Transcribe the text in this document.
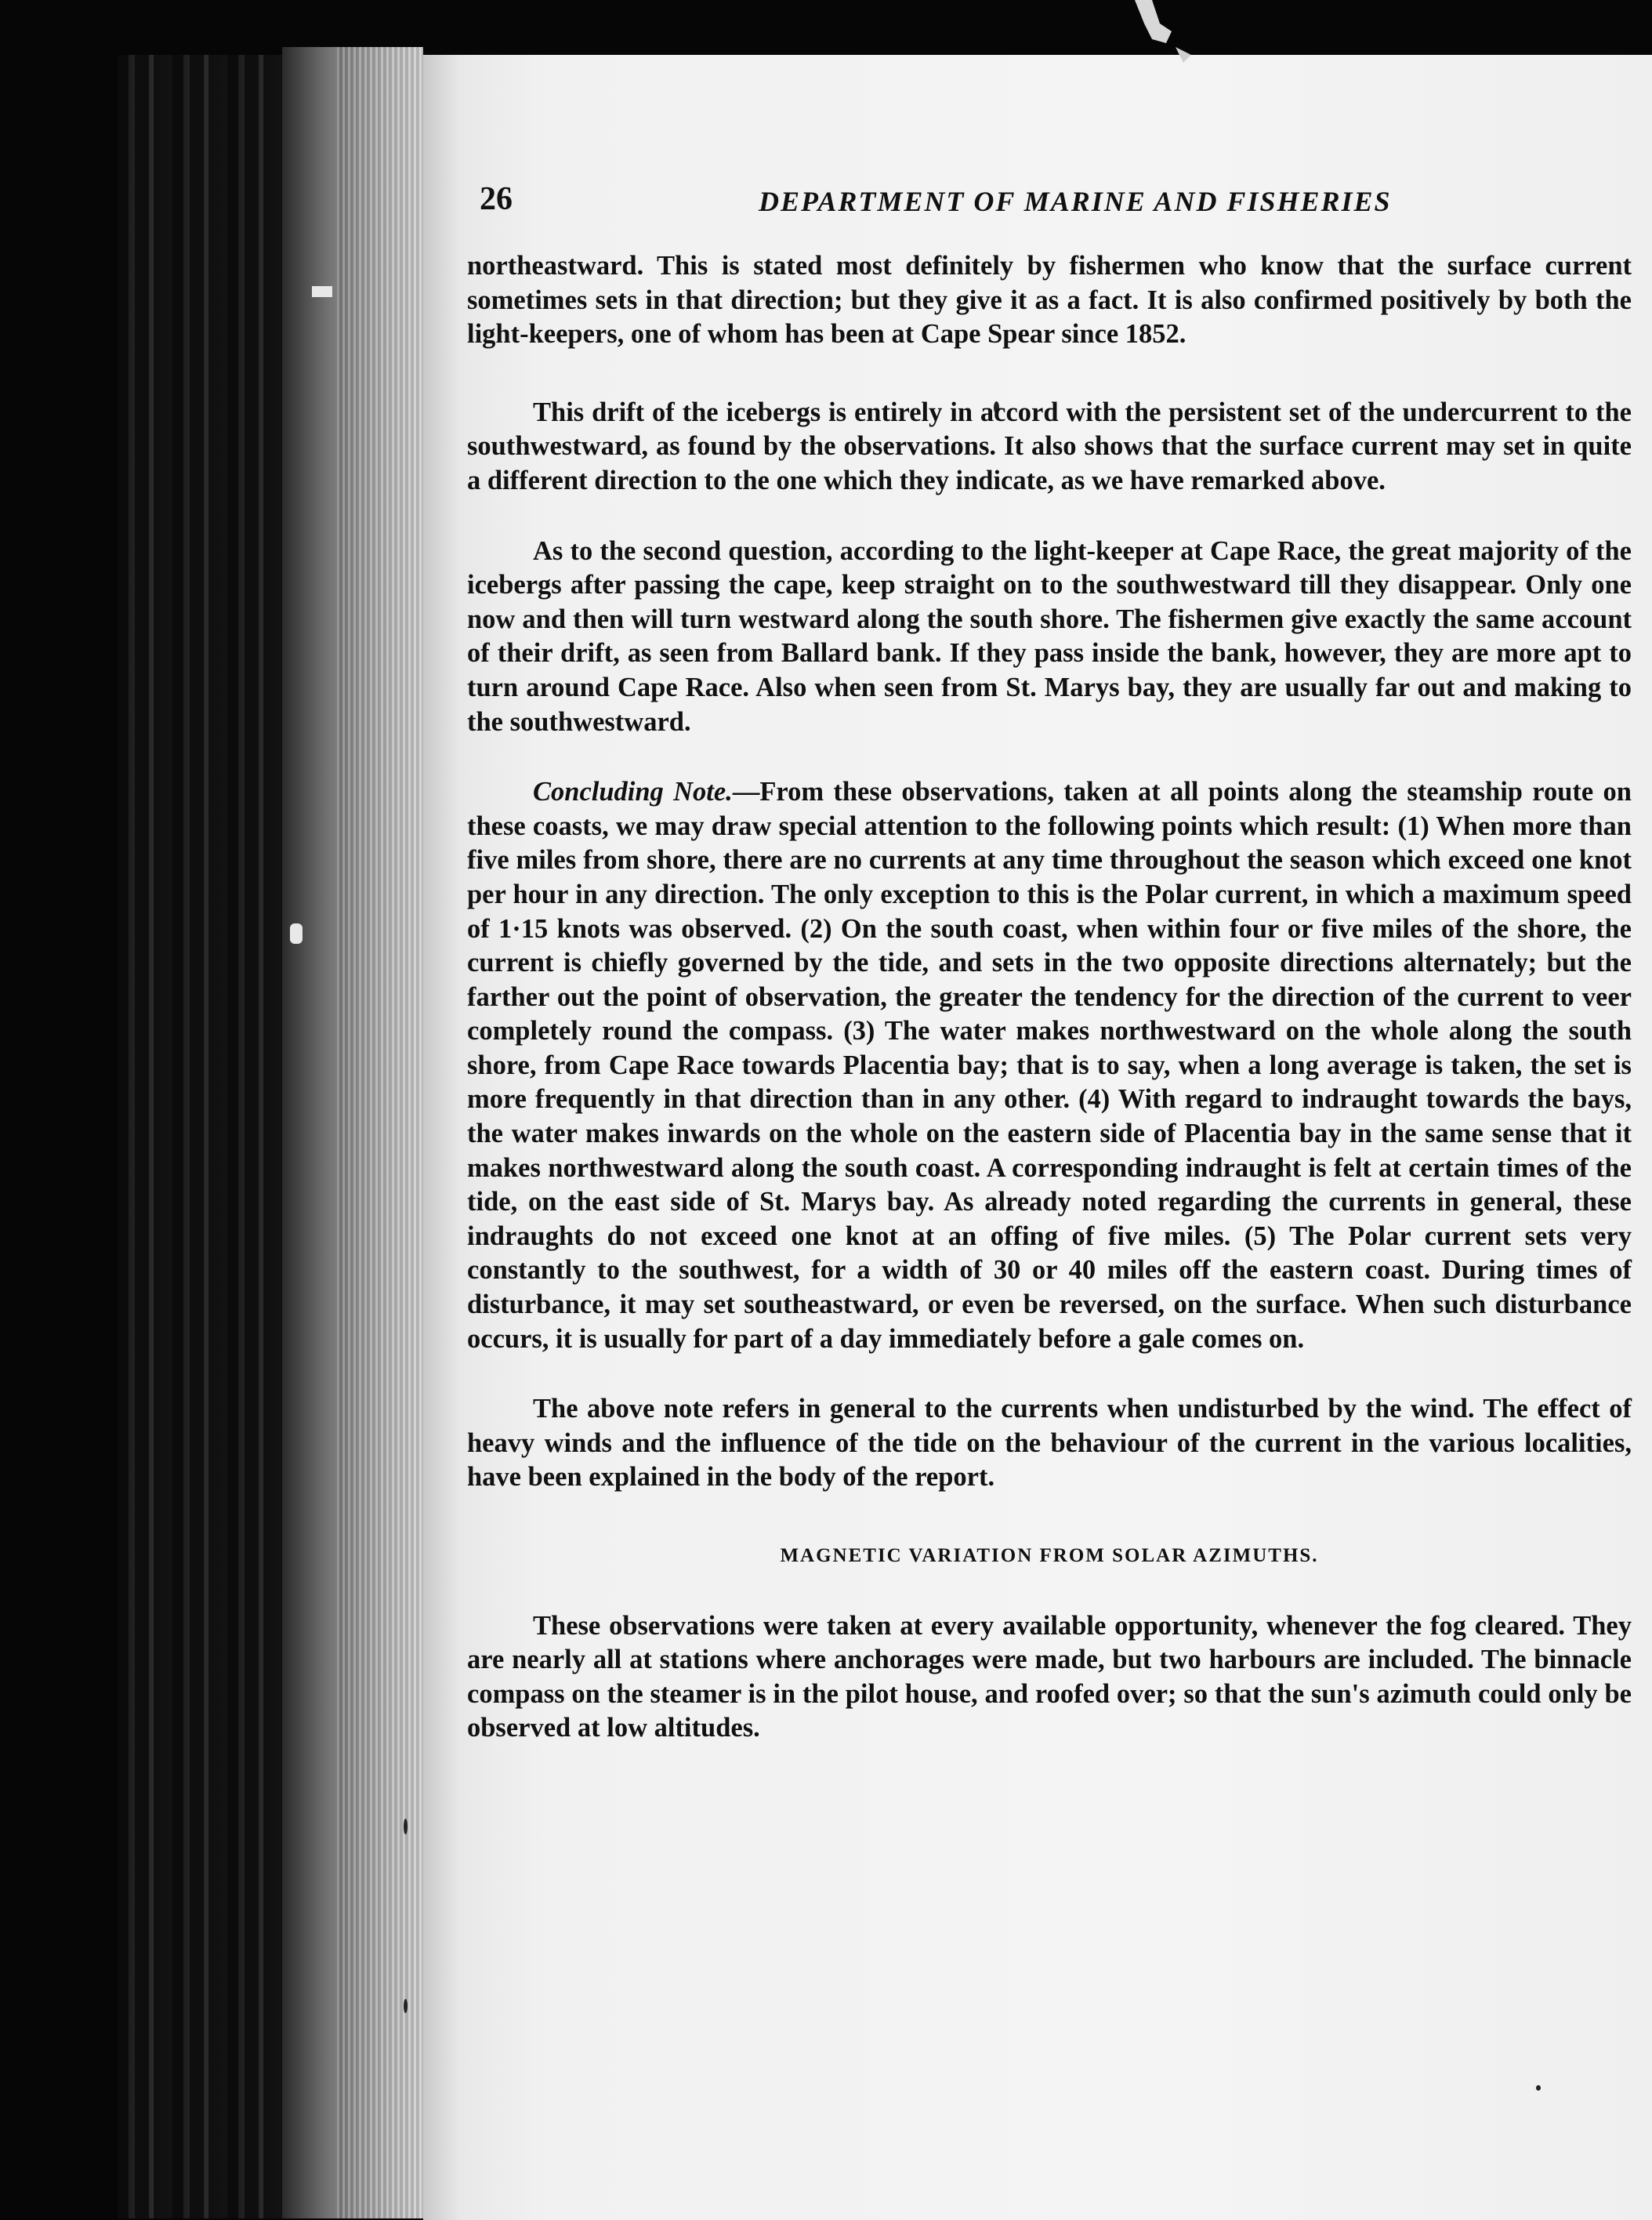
26	DEPARTMENT OF MARINE AND FISHERIES

northeastward. This is stated most definitely by fishermen who know that the surface current sometimes sets in that direction; but they give it as a fact. It is also confirmed positively by both the light-keepers, one of whom has been at Cape Spear since 1852.

This drift of the icebergs is entirely in accord with the persistent set of the undercurrent to the southwestward, as found by the observations. It also shows that the surface current may set in quite a different direction to the one which they indicate, as we have remarked above.

As to the second question, according to the light-keeper at Cape Race, the great majority of the icebergs after passing the cape, keep straight on to the southwestward till they disappear. Only one now and then will turn westward along the south shore. The fishermen give exactly the same account of their drift, as seen from Ballard bank. If they pass inside the bank, however, they are more apt to turn around Cape Race. Also when seen from St. Marys bay, they are usually far out and making to the southwestward.

Concluding Note.—From these observations, taken at all points along the steamship route on these coasts, we may draw special attention to the following points which result: (1) When more than five miles from shore, there are no currents at any time throughout the season which exceed one knot per hour in any direction. The only exception to this is the Polar current, in which a maximum speed of 1·15 knots was observed. (2) On the south coast, when within four or five miles of the shore, the current is chiefly governed by the tide, and sets in the two opposite directions alternately; but the farther out the point of observation, the greater the tendency for the direction of the current to veer completely round the compass. (3) The water makes northwestward on the whole along the south shore, from Cape Race towards Placentia bay; that is to say, when a long average is taken, the set is more frequently in that direction than in any other. (4) With regard to indraught towards the bays, the water makes inwards on the whole on the eastern side of Placentia bay in the same sense that it makes northwestward along the south coast. A corresponding indraught is felt at certain times of the tide, on the east side of St. Marys bay. As already noted regarding the currents in general, these indraughts do not exceed one knot at an offing of five miles. (5) The Polar current sets very constantly to the southwest, for a width of 30 or 40 miles off the eastern coast. During times of disturbance, it may set southeastward, or even be reversed, on the surface. When such disturbance occurs, it is usually for part of a day immediately before a gale comes on.

The above note refers in general to the currents when undisturbed by the wind. The effect of heavy winds and the influence of the tide on the behaviour of the current in the various localities, have been explained in the body of the report.

MAGNETIC VARIATION FROM SOLAR AZIMUTHS.

These observations were taken at every available opportunity, whenever the fog cleared. They are nearly all at stations where anchorages were made, but two harbours are included. The binnacle compass on the steamer is in the pilot house, and roofed over; so that the sun's azimuth could only be observed at low altitudes.
